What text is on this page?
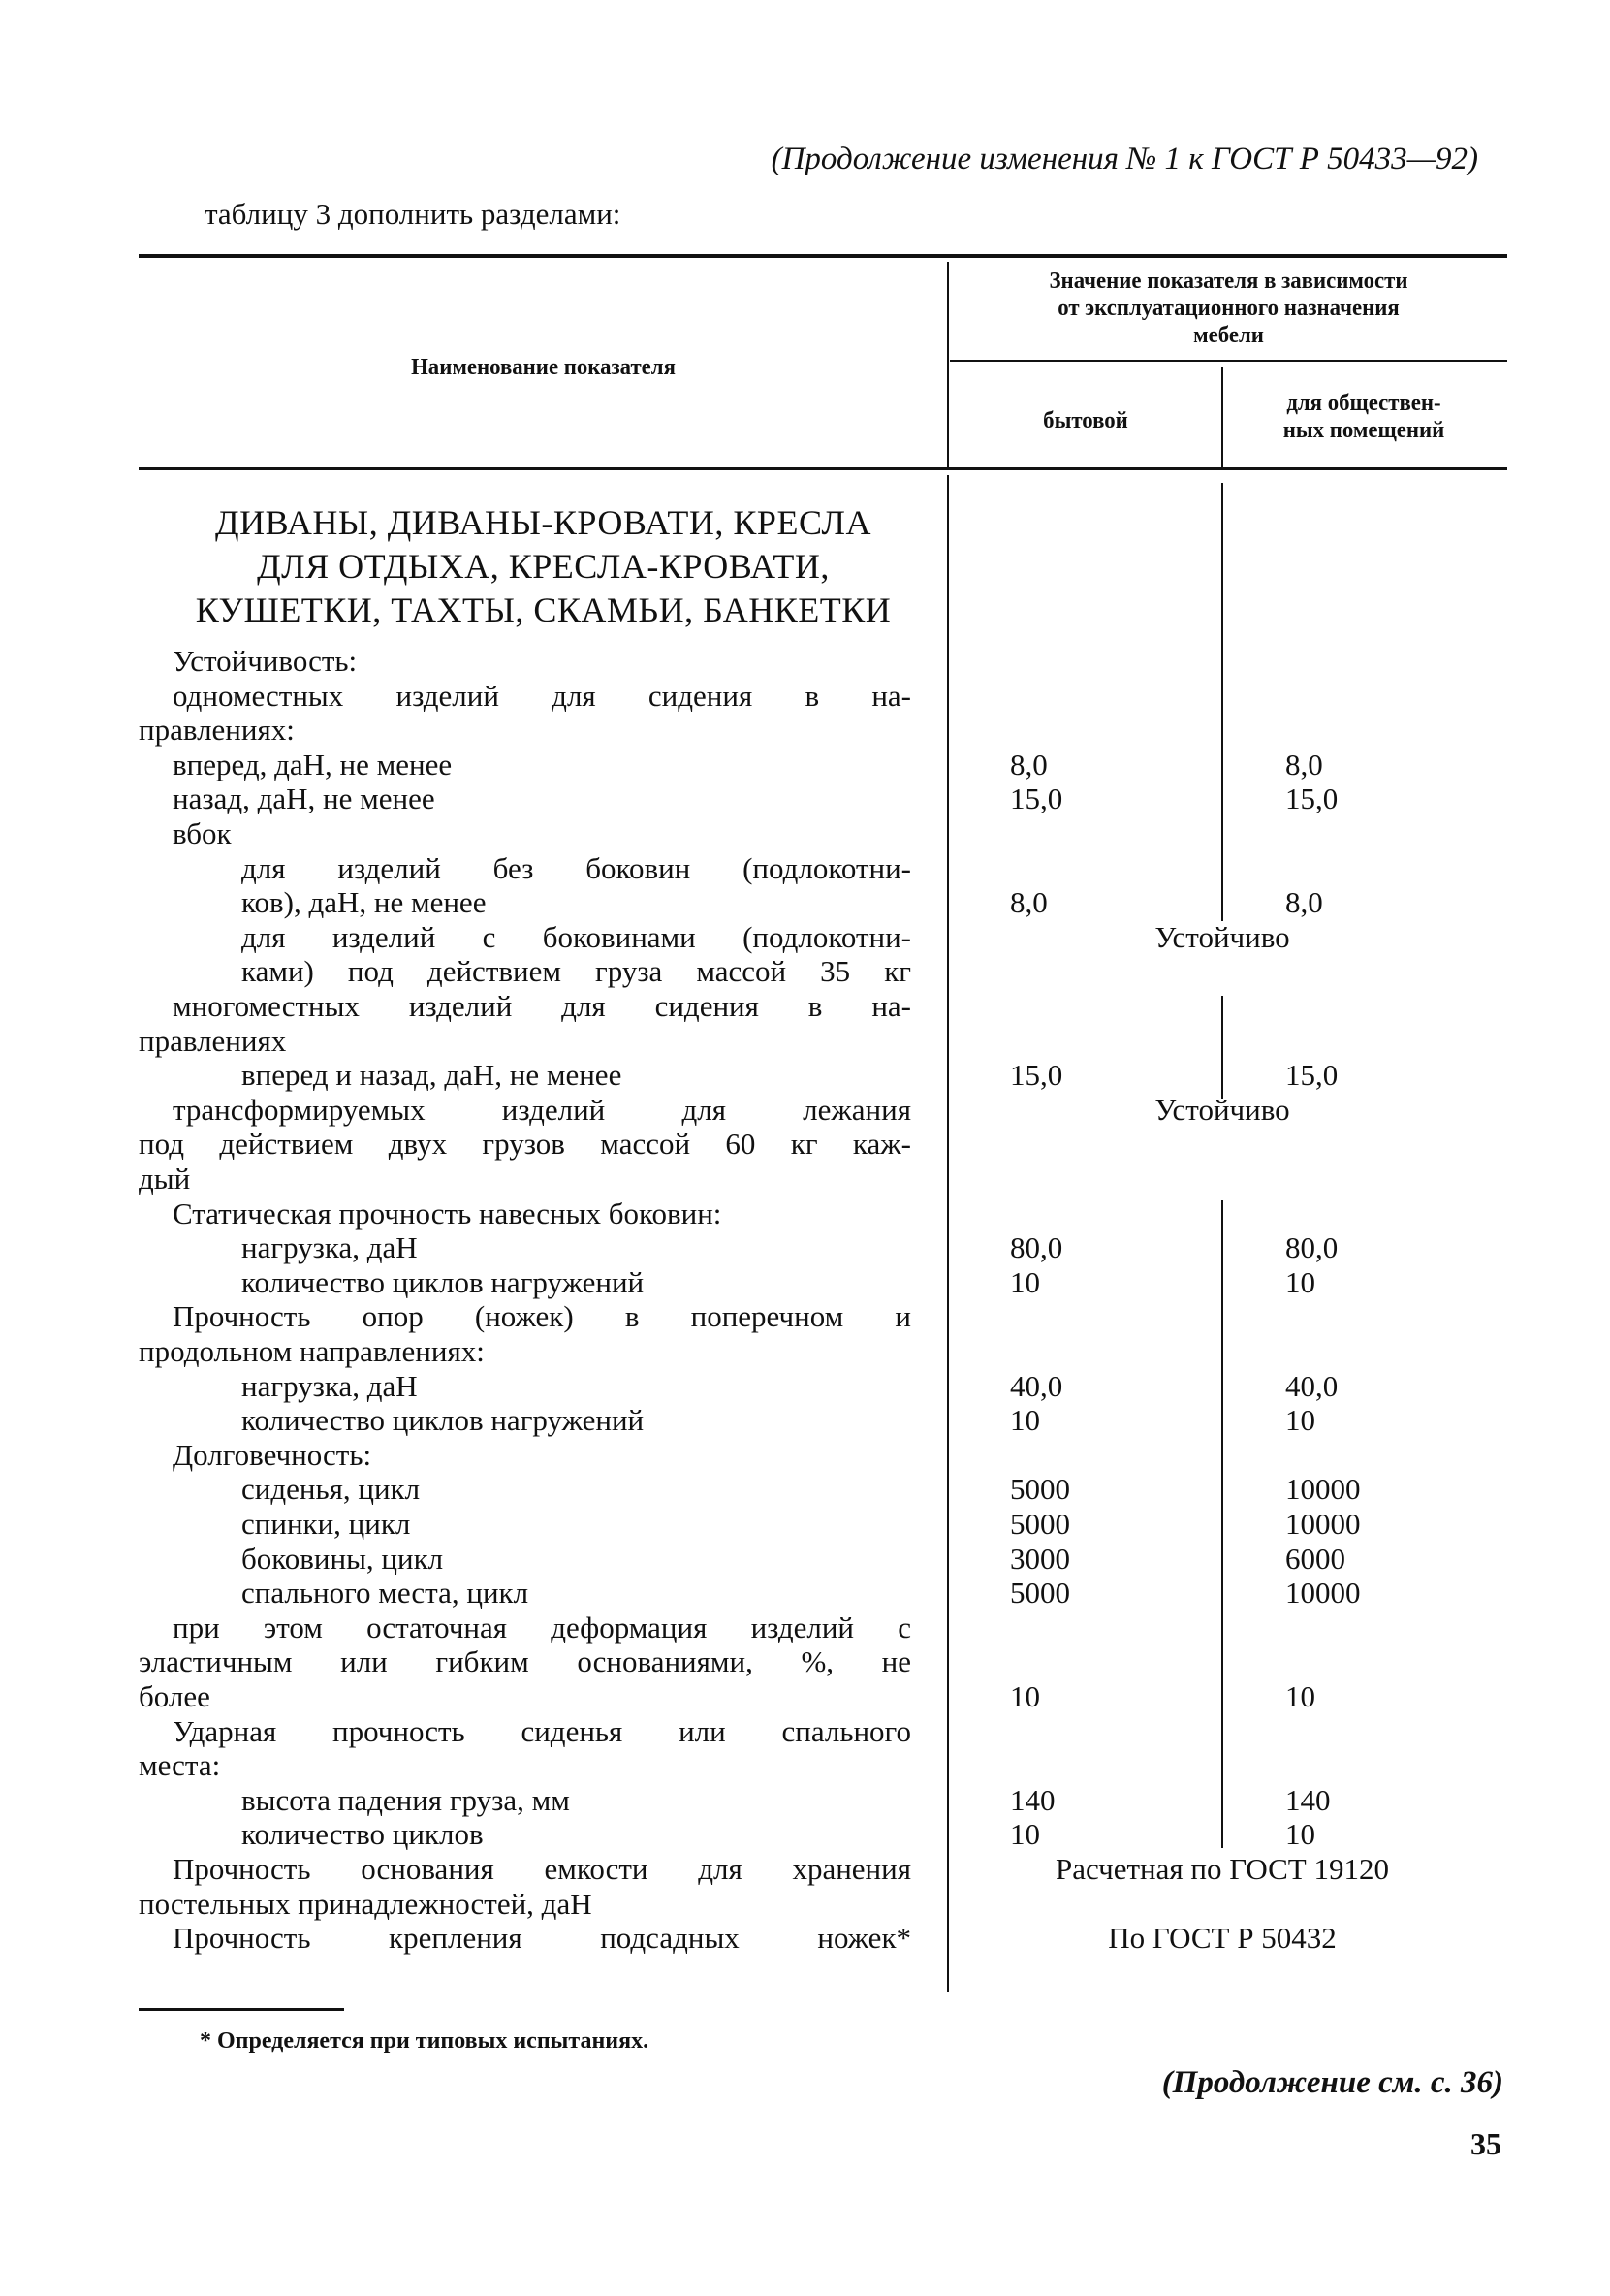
(Продолжение изменения № 1 к ГОСТ Р 50433—92)
таблицу 3 дополнить разделами:
Значение показателя в зависимости
от эксплуатационного назначения
мебели
Наименование показателя
бытовой
для обществен-
ных помещений
ДИВАНЫ, ДИВАНЫ-КРОВАТИ, КРЕСЛА
ДЛЯ ОТДЫХА, КРЕСЛА-КРОВАТИ,
КУШЕТКИ, ТАХТЫ, СКАМЬИ, БАНКЕТКИ
Устойчивость:
одноместных изделий для сидения в на-
правлениях:
вперед, даН, не менее	8,0	8,0
назад, даН, не менее	15,0	15,0
вбок
для изделий без боковин (подлокотни-
ков), даН, не менее	8,0	8,0
для изделий с боковинами (подлокотни-	Устойчиво
ками) под действием груза массой 35 кг
многоместных изделий для сидения в на-
правлениях
вперед и назад, даН, не менее	15,0	15,0
трансформируемых изделий для лежания	Устойчиво
под действием двух грузов массой 60 кг каж-
дый
Статическая прочность навесных боковин:
нагрузка, даН	80,0	80,0
количество циклов нагружений	10	10
Прочность опор (ножек) в поперечном и
продольном направлениях:
нагрузка, даН	40,0	40,0
количество циклов нагружений	10	10
Долговечность:
сиденья, цикл	5000	10000
спинки, цикл	5000	10000
боковины, цикл	3000	6000
спального места, цикл	5000	10000
при этом остаточная деформация изделий с
эластичным или гибким основаниями, %, не
более	10	10
Ударная прочность сиденья или спального
места:
высота падения груза, мм	140	140
количество циклов	10	10
Прочность основания емкости для хранения	Расчетная по ГОСТ 19120
постельных принадлежностей, даН
Прочность крепления подсадных ножек*	По ГОСТ Р 50432
* Определяется при типовых испытаниях.
(Продолжение см. с. 36)
35
